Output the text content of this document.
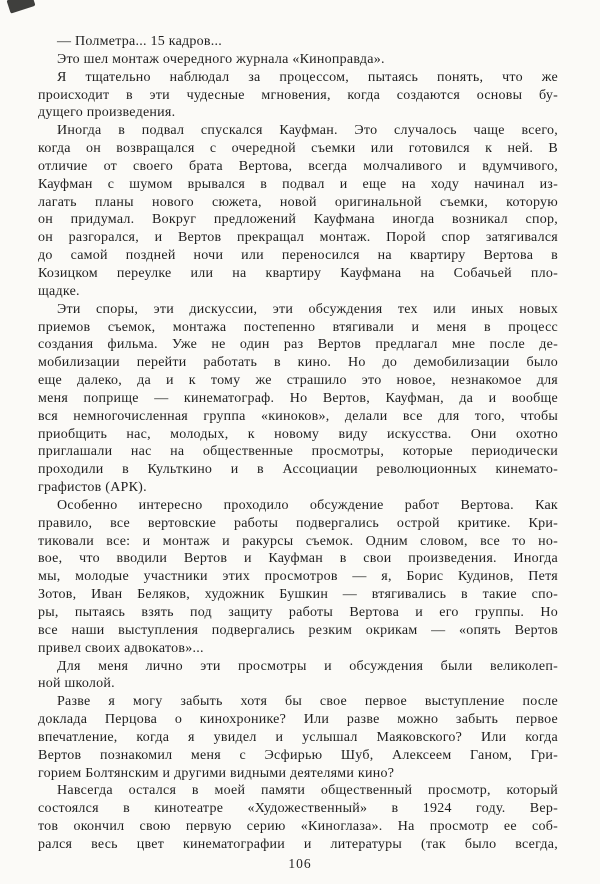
— Полметра... 15 кадров...
Это шел монтаж очередного журнала «Киноправда».
Я тщательно наблюдал за процессом, пытаясь понять, что же
происходит в эти чудесные мгновения, когда создаются основы бу-
дущего произведения.
Иногда в подвал спускался Кауфман. Это случалось чаще всего,
когда он возвращался с очередной съемки или готовился к ней. В
отличие от своего брата Вертова, всегда молчаливого и вдумчивого,
Кауфман с шумом врывался в подвал и еще на ходу начинал из-
лагать планы нового сюжета, новой оригинальной съемки, которую
он придумал. Вокруг предложений Кауфмана иногда возникал спор,
он разгорался, и Вертов прекращал монтаж. Порой спор затягивался
до самой поздней ночи или переносился на квартиру Вертова в
Козицком переулке или на квартиру Кауфмана на Собачьей пло-
щадке.
Эти споры, эти дискуссии, эти обсуждения тех или иных новых
приемов съемок, монтажа постепенно втягивали и меня в процесс
создания фильма. Уже не один раз Вертов предлагал мне после де-
мобилизации перейти работать в кино. Но до демобилизации было
еще далеко, да и к тому же страшило это новое, незнакомое для
меня поприще — кинематограф. Но Вертов, Кауфман, да и вообще
вся немногочисленная группа «киноков», делали все для того, чтобы
приобщить нас, молодых, к новому виду искусства. Они охотно
приглашали нас на общественные просмотры, которые периодически
проходили в Культкино и в Ассоциации революционных кинемато-
графистов (АРК).
Особенно интересно проходило обсуждение работ Вертова. Как
правило, все вертовские работы подвергались острой критике. Кри-
тиковали все: и монтаж и ракурсы съемок. Одним словом, все то но-
вое, что вводили Вертов и Кауфман в свои произведения. Иногда
мы, молодые участники этих просмотров — я, Борис Кудинов, Петя
Зотов, Иван Беляков, художник Бушкин — втягивались в такие спо-
ры, пытаясь взять под защиту работы Вертова и его группы. Но
все наши выступления подвергались резким окрикам — «опять Вертов
привел своих адвокатов»...
Для меня лично эти просмотры и обсуждения были великолеп-
ной школой.
Разве я могу забыть хотя бы свое первое выступление после
доклада Перцова о кинохронике? Или разве можно забыть первое
впечатление, когда я увидел и услышал Маяковского? Или когда
Вертов познакомил меня с Эсфирью Шуб, Алексеем Ганом, Гри-
горием Болтянским и другими видными деятелями кино?
Навсегда остался в моей памяти общественный просмотр, который
состоялся в кинотеатре «Художественный» в 1924 году. Вер-
тов окончил свою первую серию «Киноглаза». На просмотр ее соб-
рался весь цвет кинематографии и литературы (так было всегда,
106
